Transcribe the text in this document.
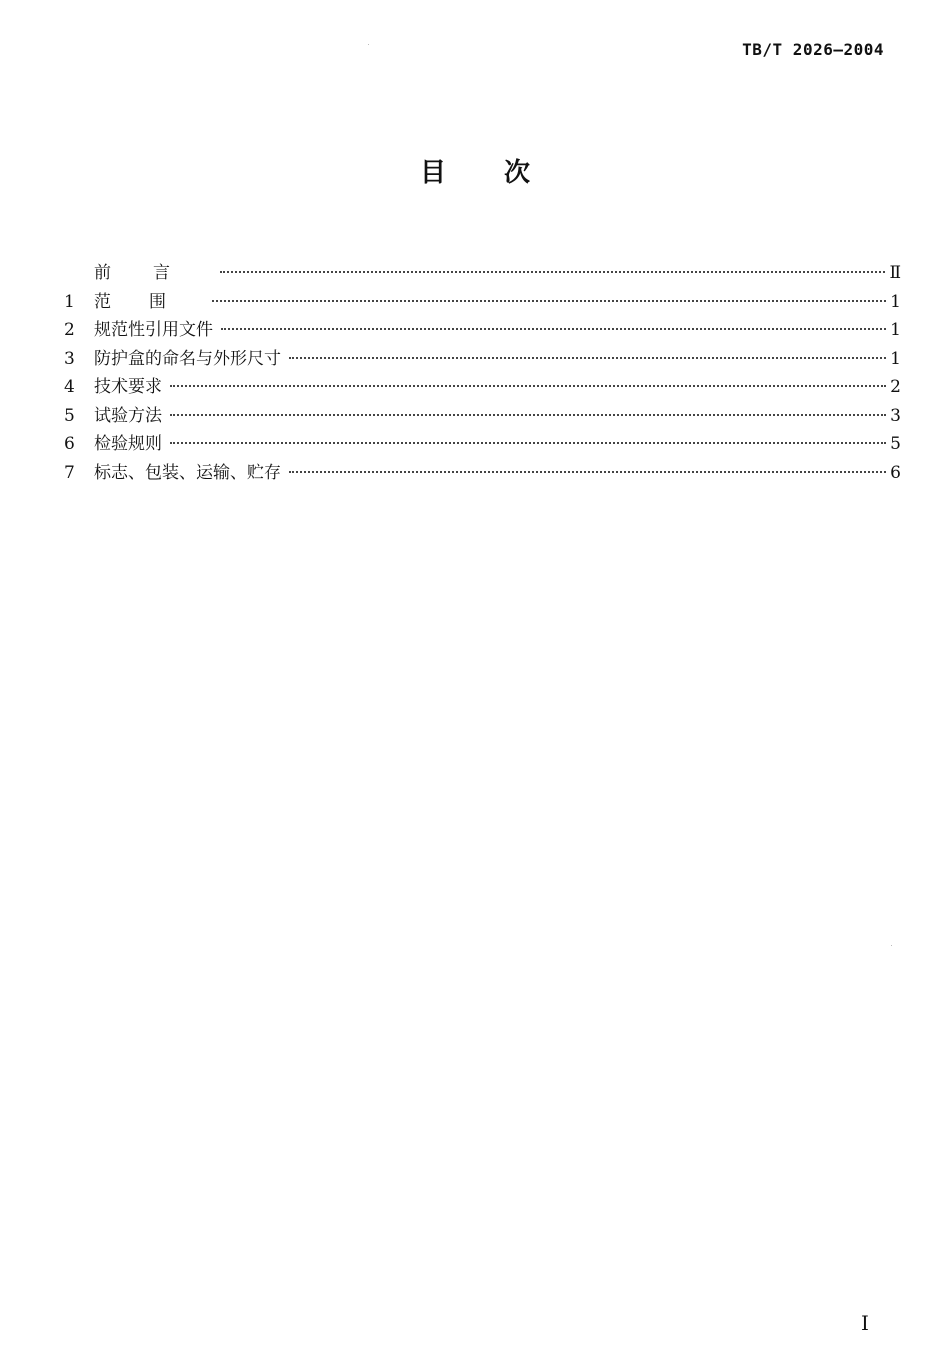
TB/T 2026—2004
目次
前言	Ⅱ
1	范围	1
2	规范性引用文件	1
3	防护盒的命名与外形尺寸	1
4	技术要求	2
5	试验方法	3
6	检验规则	5
7	标志、包装、运输、贮存	6
I
